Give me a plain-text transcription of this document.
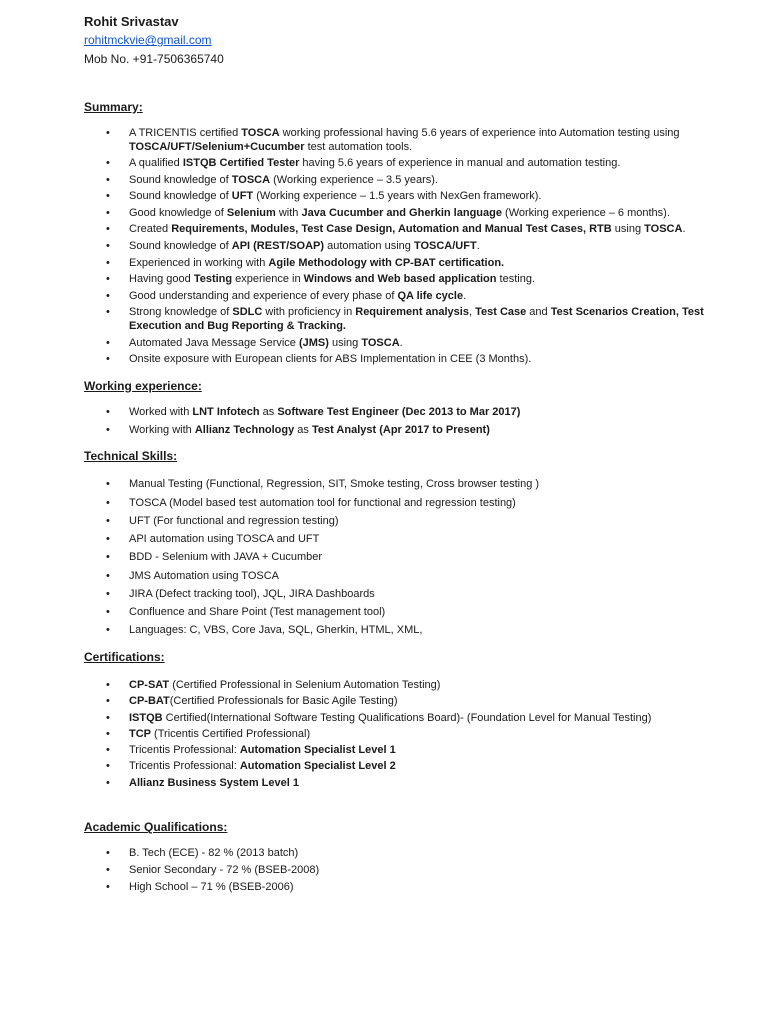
Rohit Srivastav
rohitmckvie@gmail.com
Mob No. +91-7506365740
Summary:
• A TRICENTIS certified TOSCA working professional having 5.6 years of experience into Automation testing using TOSCA/UFT/Selenium+Cucumber test automation tools.
• A qualified ISTQB Certified Tester having 5.6 years of experience in manual and automation testing.
• Sound knowledge of TOSCA (Working experience – 3.5 years).
• Sound knowledge of UFT (Working experience – 1.5 years with NexGen framework).
• Good knowledge of Selenium with Java Cucumber and Gherkin language (Working experience – 6 months).
• Created Requirements, Modules, Test Case Design, Automation and Manual Test Cases, RTB using TOSCA.
• Sound knowledge of API (REST/SOAP) automation using TOSCA/UFT.
• Experienced in working with Agile Methodology with CP-BAT certification.
• Having good Testing experience in Windows and Web based application testing.
• Good understanding and experience of every phase of QA life cycle.
• Strong knowledge of SDLC with proficiency in Requirement analysis, Test Case and Test Scenarios Creation, Test Execution and Bug Reporting & Tracking.
• Automated Java Message Service (JMS) using TOSCA.
• Onsite exposure with European clients for ABS Implementation in CEE (3 Months).
Working experience:
• Worked with LNT Infotech as Software Test Engineer (Dec 2013 to Mar 2017)
• Working with Allianz Technology as Test Analyst (Apr 2017 to Present)
Technical Skills:
• Manual Testing (Functional, Regression, SIT, Smoke testing, Cross browser testing )
• TOSCA (Model based test automation tool for functional and regression testing)
• UFT (For functional and regression testing)
• API automation using TOSCA and UFT
• BDD - Selenium with JAVA + Cucumber
• JMS Automation using TOSCA
• JIRA (Defect tracking tool), JQL, JIRA Dashboards
• Confluence and Share Point (Test management tool)
• Languages: C, VBS, Core Java, SQL, Gherkin, HTML, XML,
Certifications:
• CP-SAT (Certified Professional in Selenium Automation Testing)
• CP-BAT(Certified Professionals for Basic Agile Testing)
• ISTQB Certified(International Software Testing Qualifications Board)- (Foundation Level for Manual Testing)
• TCP (Tricentis Certified Professional)
• Tricentis Professional: Automation Specialist Level 1
• Tricentis Professional: Automation Specialist Level 2
• Allianz Business System Level 1
Academic Qualifications:
• B. Tech (ECE) - 82 % (2013 batch)
• Senior Secondary - 72 % (BSEB-2008)
• High School – 71 % (BSEB-2006)
